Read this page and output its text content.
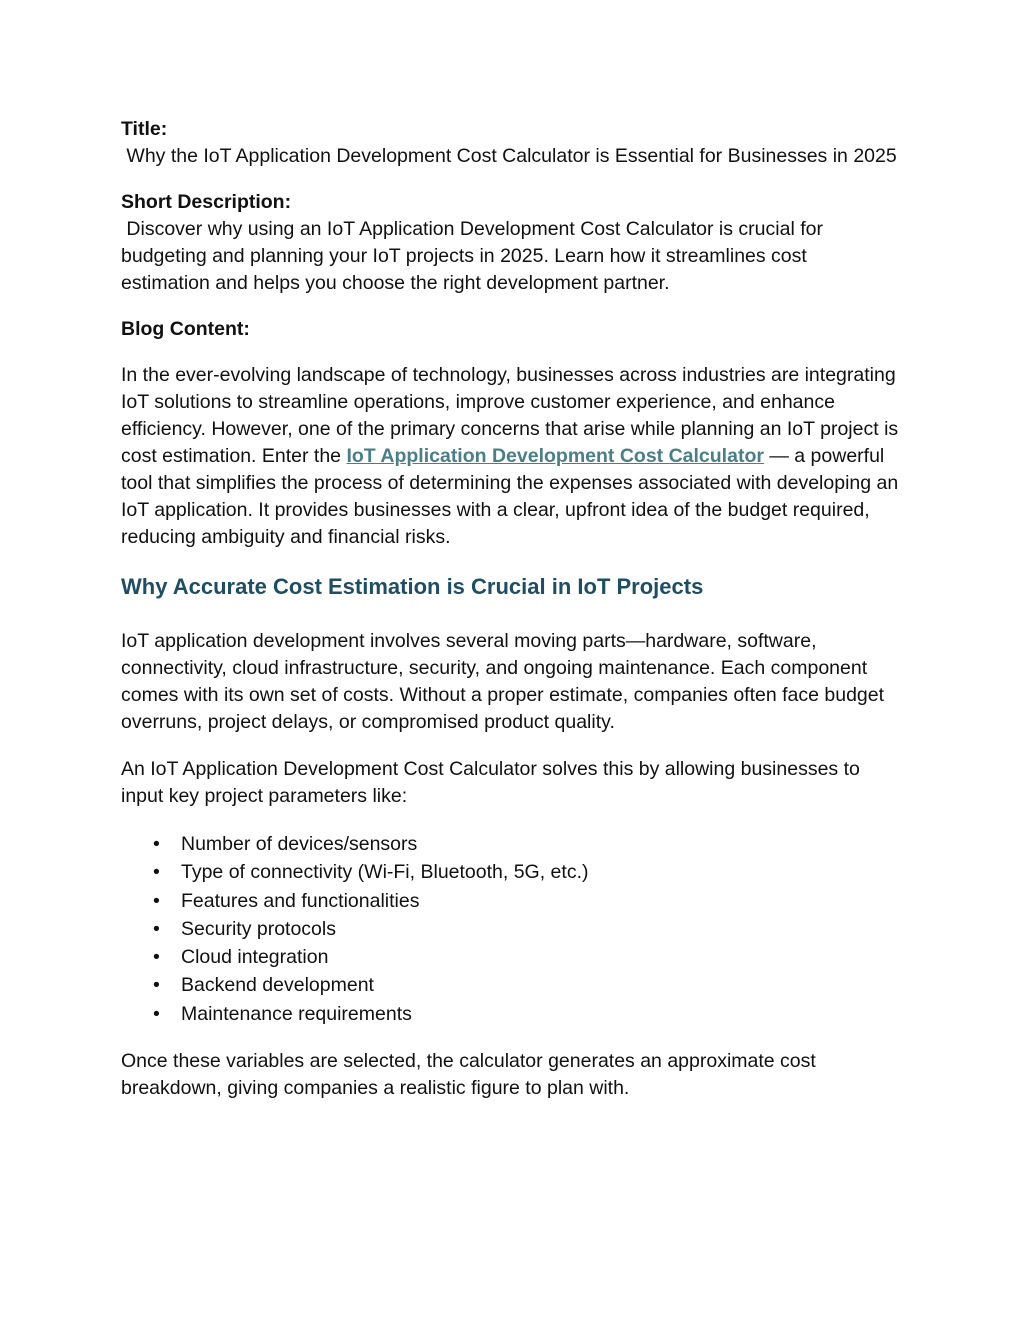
Title:

Why the IoT Application Development Cost Calculator is Essential for Businesses in 2025

Short Description:

Discover why using an IoT Application Development Cost Calculator is crucial for budgeting and planning your IoT projects in 2025. Learn how it streamlines cost estimation and helps you choose the right development partner.

Blog Content:

In the ever-evolving landscape of technology, businesses across industries are integrating IoT solutions to streamline operations, improve customer experience, and enhance efficiency. However, one of the primary concerns that arise while planning an IoT project is cost estimation. Enter the IoT Application Development Cost Calculator — a powerful tool that simplifies the process of determining the expenses associated with developing an IoT application. It provides businesses with a clear, upfront idea of the budget required, reducing ambiguity and financial risks.

Why Accurate Cost Estimation is Crucial in IoT Projects

IoT application development involves several moving parts—hardware, software, connectivity, cloud infrastructure, security, and ongoing maintenance. Each component comes with its own set of costs. Without a proper estimate, companies often face budget overruns, project delays, or compromised product quality.

An IoT Application Development Cost Calculator solves this by allowing businesses to input key project parameters like:

• Number of devices/sensors
• Type of connectivity (Wi-Fi, Bluetooth, 5G, etc.)
• Features and functionalities
• Security protocols
• Cloud integration
• Backend development
• Maintenance requirements

Once these variables are selected, the calculator generates an approximate cost breakdown, giving companies a realistic figure to plan with.
